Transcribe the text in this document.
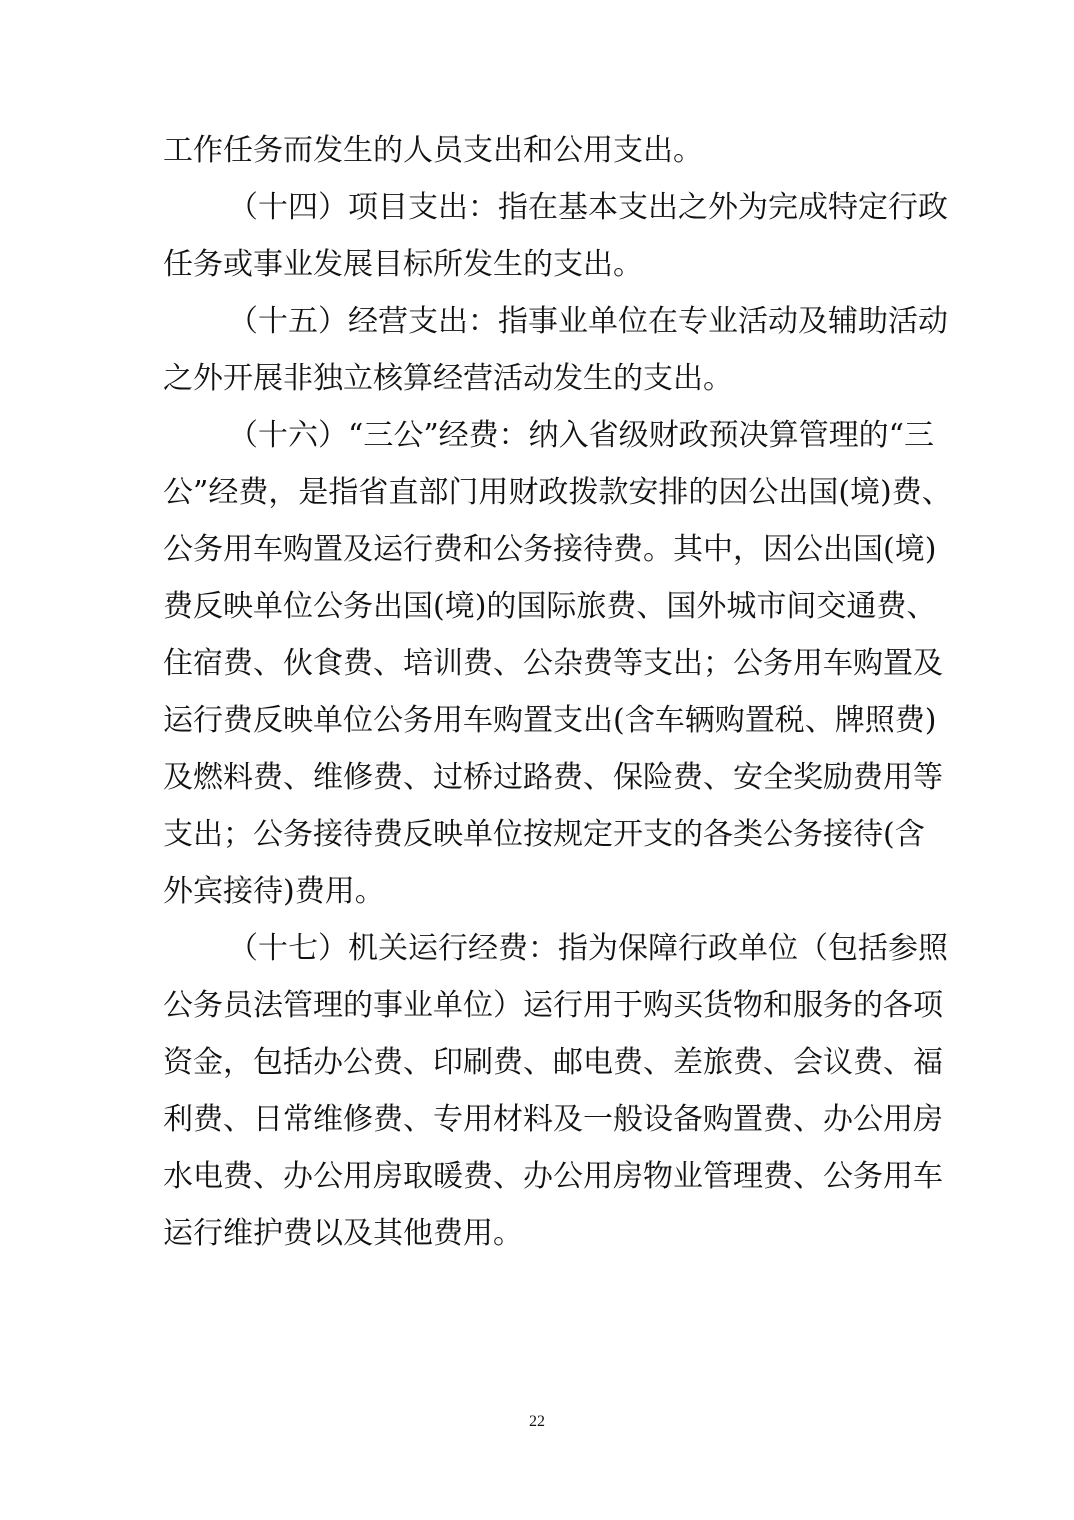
工作任务而发生的人员支出和公用支出。
（十四）项目支出：指在基本支出之外为完成特定行政
任务或事业发展目标所发生的支出。
（十五）经营支出：指事业单位在专业活动及辅助活动
之外开展非独立核算经营活动发生的支出。
（十六）“三公”经费：纳入省级财政预决算管理的“三
公”经费，是指省直部门用财政拨款安排的因公出国(境)费、
公务用车购置及运行费和公务接待费。其中，因公出国(境)
费反映单位公务出国(境)的国际旅费、国外城市间交通费、
住宿费、伙食费、培训费、公杂费等支出；公务用车购置及
运行费反映单位公务用车购置支出(含车辆购置税、牌照费)
及燃料费、维修费、过桥过路费、保险费、安全奖励费用等
支出；公务接待费反映单位按规定开支的各类公务接待(含
外宾接待)费用。
（十七）机关运行经费：指为保障行政单位（包括参照
公务员法管理的事业单位）运行用于购买货物和服务的各项
资金，包括办公费、印刷费、邮电费、差旅费、会议费、福
利费、日常维修费、专用材料及一般设备购置费、办公用房
水电费、办公用房取暖费、办公用房物业管理费、公务用车
运行维护费以及其他费用。
22
